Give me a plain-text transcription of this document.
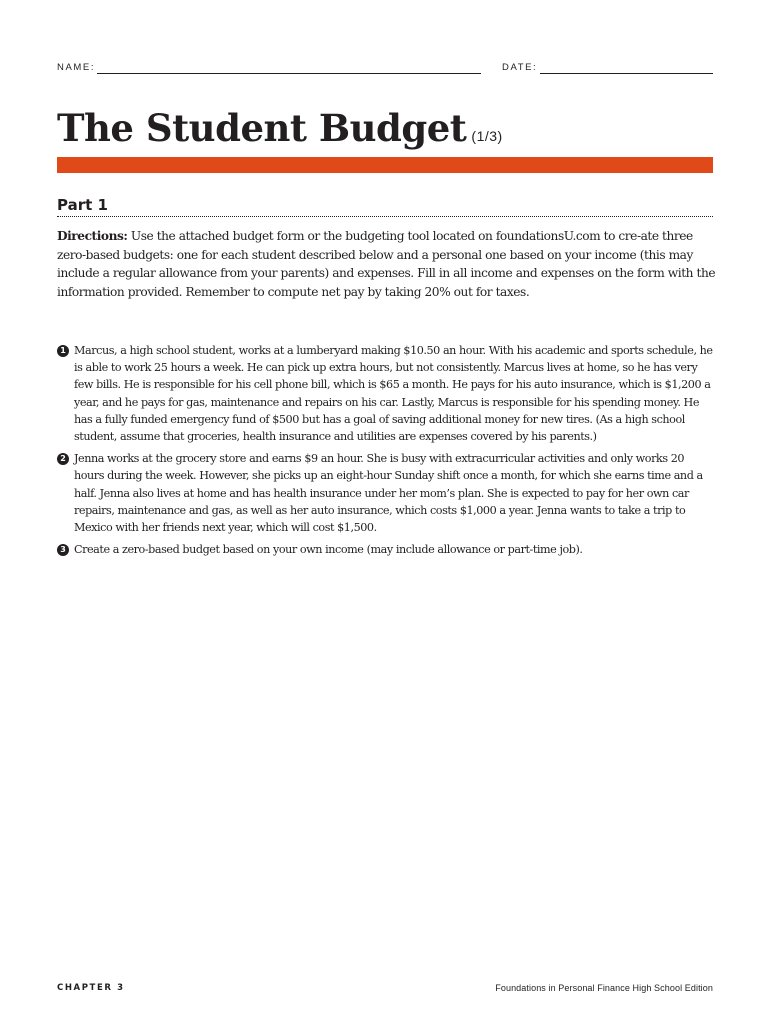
NAME:	DATE:
The Student Budget (1/3)
Part 1

Directions: Use the attached budget form or the budgeting tool located on foundationsU.com to cre-ate three zero-based budgets: one for each student described below and a personal one based on your income (this may include a regular allowance from your parents) and expenses. Fill in all income and expenses on the form with the information provided. Remember to compute net pay by taking 20% out for taxes.

1 Marcus, a high school student, works at a lumberyard making $10.50 an hour. With his academic and sports schedule, he is able to work 25 hours a week. He can pick up extra hours, but not consistently. Marcus lives at home, so he has very few bills. He is responsible for his cell phone bill, which is $65 a month. He pays for his auto insurance, which is $1,200 a year, and he pays for gas, maintenance and repairs on his car. Lastly, Marcus is responsible for his spending money. He has a fully funded emergency fund of $500 but has a goal of saving additional money for new tires. (As a high school student, assume that groceries, health insurance and utilities are expenses covered by his parents.)
2 Jenna works at the grocery store and earns $9 an hour. She is busy with extracurricular activities and only works 20 hours during the week. However, she picks up an eight-hour Sunday shift once a month, for which she earns time and a half. Jenna also lives at home and has health insurance under her mom’s plan. She is expected to pay for her own car repairs, maintenance and gas, as well as her auto insurance, which costs $1,000 a year. Jenna wants to take a trip to Mexico with her friends next year, which will cost $1,500.
3 Create a zero-based budget based on your own income (may include allowance or part-time job).
CHAPTER 3	Foundations in Personal Finance High School Edition
